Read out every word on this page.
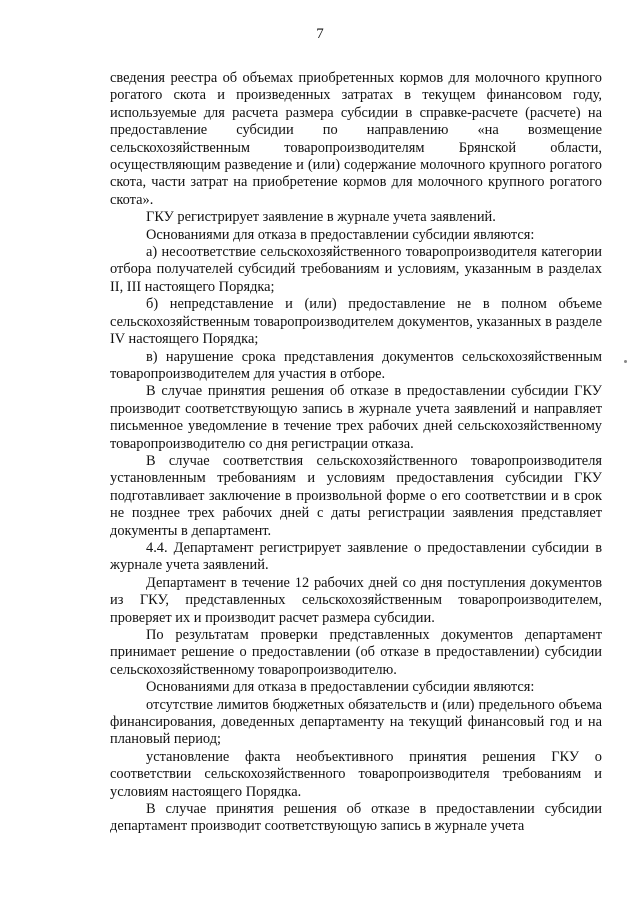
7

сведения реестра об объемах приобретенных кормов для молочного крупного рогатого скота и произведенных затратах в текущем финансовом году, используемые для расчета размера субсидии в справке-расчете (расчете) на предоставление субсидии по направлению «на возмещение сельскохозяйственным товаропроизводителям Брянской области, осуществляющим разведение и (или) содержание молочного крупного рогатого скота, части затрат на приобретение кормов для молочного крупного рогатого скота».

ГКУ регистрирует заявление в журнале учета заявлений.

Основаниями для отказа в предоставлении субсидии являются:

а) несоответствие сельскохозяйственного товаропроизводителя категории отбора получателей субсидий требованиям и условиям, указанным в разделах II, III настоящего Порядка;

б) непредставление и (или) предоставление не в полном объеме сельскохозяйственным товаропроизводителем документов, указанных в разделе IV настоящего Порядка;

в) нарушение срока представления документов сельскохозяйственным товаропроизводителем для участия в отборе.

В случае принятия решения об отказе в предоставлении субсидии ГКУ производит соответствующую запись в журнале учета заявлений и направляет письменное уведомление в течение трех рабочих дней сельскохозяйственному товаропроизводителю со дня регистрации отказа.

В случае соответствия сельскохозяйственного товаропроизводителя установленным требованиям и условиям предоставления субсидии ГКУ подготавливает заключение в произвольной форме о его соответствии и в срок не позднее трех рабочих дней с даты регистрации заявления представляет документы в департамент.

4.4. Департамент регистрирует заявление о предоставлении субсидии в журнале учета заявлений.

Департамент в течение 12 рабочих дней со дня поступления документов из ГКУ, представленных сельскохозяйственным товаропроизводителем, проверяет их и производит расчет размера субсидии.

По результатам проверки представленных документов департамент принимает решение о предоставлении (об отказе в предоставлении) субсидии сельскохозяйственному товаропроизводителю.

Основаниями для отказа в предоставлении субсидии являются:

отсутствие лимитов бюджетных обязательств и (или) предельного объема финансирования, доведенных департаменту на текущий финансовый год и на плановый период;

установление факта необъективного принятия решения ГКУ о соответствии сельскохозяйственного товаропроизводителя требованиям и условиям настоящего Порядка.

В случае принятия решения об отказе в предоставлении субсидии департамент производит соответствующую запись в журнале учета
